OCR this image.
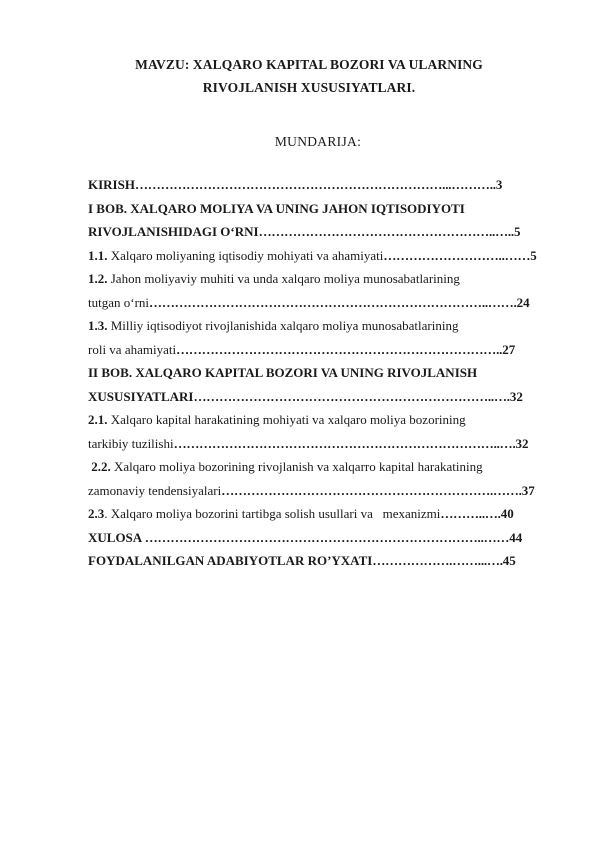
MAVZU: XALQARO KAPITAL BOZORI VA ULARNING
RIVOJLANISH XUSUSIYATLARI.
MUNDARIJA:
KIRISH………………………………………………………………...………..3
I BOB. XALQARO MOLIYA VA UNING JAHON IQTISODIYOTI
RIVOJLANISHIDAGI O‘RNI………………………………………………..…..5
1.1. Xalqaro moliyaning iqtisodiy mohiyati va ahamiyati………………………..……5
1.2. Jahon moliyaviy muhiti va unda xalqaro moliya munosabatlarining
tutgan o‘rni……………………………………………………………………..…….24
1.3. Milliy iqtisodiyot rivojlanishida xalqaro moliya munosabatlarining
roli va ahamiyati…………………………………………………………………..27
II BOB. XALQARO KAPITAL BOZORI VA UNING RIVOJLANISH
XUSUSIYATLARI……………………………………………………………..….32
2.1. Xalqaro kapital harakatining mohiyati va xalqaro moliya bozorining
tarkibiy tuzilishi…………………………………………………………………..….32
2.2. Xalqaro moliya bozorining rivojlanish va xalqarro kapital harakatining
zamonaviy tendensiyalari……………………………………………………….…….37
2.3. Xalqaro moliya bozorini tartibga solish usullari va   mexanizmi………..….40
XULOSA ……………………………………………………………………..……44
FOYDALANILGAN ADABIYOTLAR RO’YXATI……………….……...….45
